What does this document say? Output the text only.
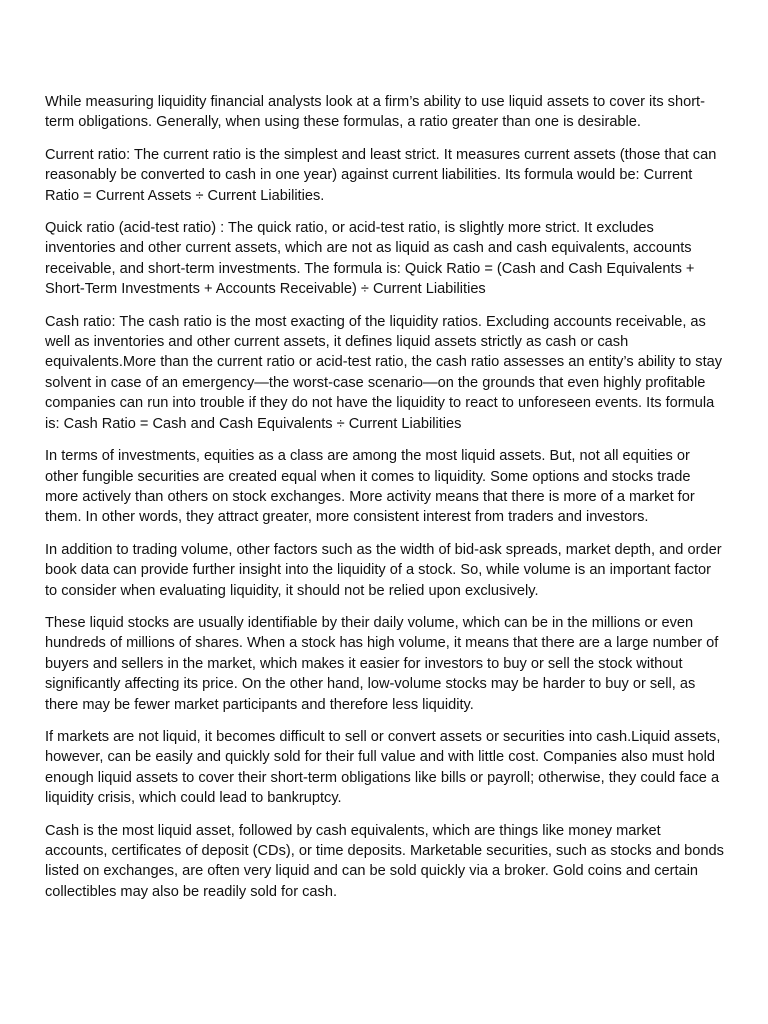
While measuring liquidity financial analysts look at a firm’s ability to use liquid assets to cover its short-term obligations. Generally, when using these formulas, a ratio greater than one is desirable.

Current ratio: The current ratio is the simplest and least strict. It measures current assets (those that can reasonably be converted to cash in one year) against current liabilities. Its formula would be: Current Ratio = Current Assets ÷ Current Liabilities.

Quick ratio (acid-test ratio) : The quick ratio, or acid-test ratio, is slightly more strict. It excludes inventories and other current assets, which are not as liquid as cash and cash equivalents, accounts receivable, and short-term investments. The formula is: Quick Ratio = (Cash and Cash Equivalents + Short-Term Investments + Accounts Receivable) ÷ Current Liabilities

Cash ratio: The cash ratio is the most exacting of the liquidity ratios. Excluding accounts receivable, as well as inventories and other current assets, it defines liquid assets strictly as cash or cash equivalents.More than the current ratio or acid-test ratio, the cash ratio assesses an entity’s ability to stay solvent in case of an emergency—the worst-case scenario—on the grounds that even highly profitable companies can run into trouble if they do not have the liquidity to react to unforeseen events. Its formula is: Cash Ratio = Cash and Cash Equivalents ÷ Current Liabilities

In terms of investments, equities as a class are among the most liquid assets. But, not all equities or other fungible securities are created equal when it comes to liquidity. Some options and stocks trade more actively than others on stock exchanges. More activity means that there is more of a market for them. In other words, they attract greater, more consistent interest from traders and investors.

In addition to trading volume, other factors such as the width of bid-ask spreads, market depth, and order book data can provide further insight into the liquidity of a stock. So, while volume is an important factor to consider when evaluating liquidity, it should not be relied upon exclusively.

These liquid stocks are usually identifiable by their daily volume, which can be in the millions or even hundreds of millions of shares. When a stock has high volume, it means that there are a large number of buyers and sellers in the market, which makes it easier for investors to buy or sell the stock without significantly affecting its price. On the other hand, low-volume stocks may be harder to buy or sell, as there may be fewer market participants and therefore less liquidity.

If markets are not liquid, it becomes difficult to sell or convert assets or securities into cash.Liquid assets, however, can be easily and quickly sold for their full value and with little cost. Companies also must hold enough liquid assets to cover their short-term obligations like bills or payroll; otherwise, they could face a liquidity crisis, which could lead to bankruptcy.

Cash is the most liquid asset, followed by cash equivalents, which are things like money market accounts, certificates of deposit (CDs), or time deposits. Marketable securities, such as stocks and bonds listed on exchanges, are often very liquid and can be sold quickly via a broker. Gold coins and certain collectibles may also be readily sold for cash.
